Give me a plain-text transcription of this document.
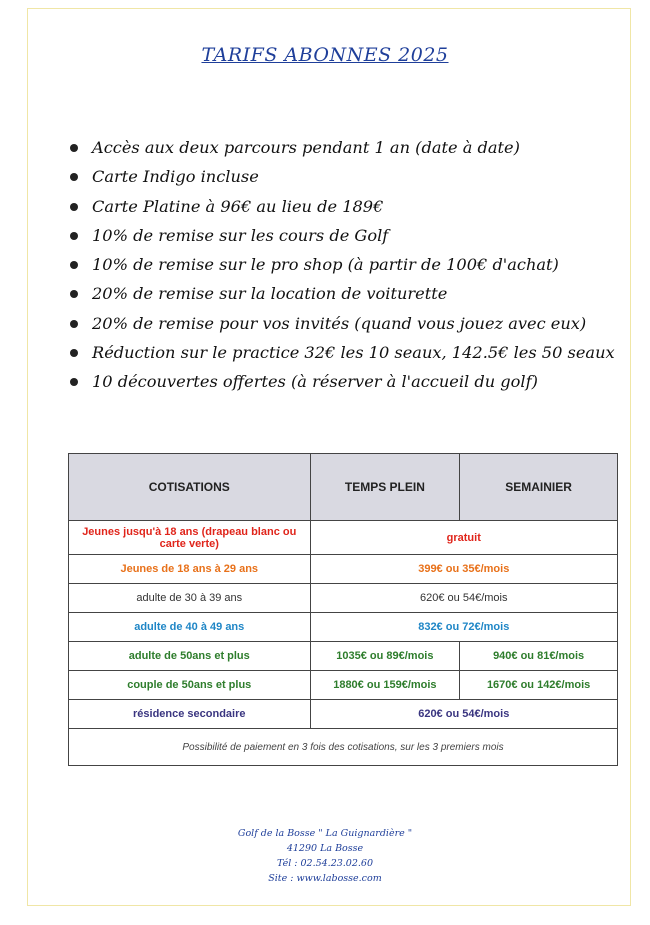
TARIFS ABONNES 2025
Accès aux deux parcours pendant 1 an (date à date)
Carte Indigo incluse
Carte Platine à 96€ au lieu de 189€
10% de remise sur les cours de Golf
10% de remise sur le pro shop (à partir de 100€ d'achat)
20% de remise sur la location de voiturette
20% de remise pour vos invités (quand vous jouez avec eux)
Réduction sur le practice 32€ les 10 seaux, 142.5€ les 50 seaux
10 découvertes offertes (à réserver à l'accueil du golf)
COTISATIONS	TEMPS PLEIN	SEMAINIER
Jeunes jusqu'à 18 ans (drapeau blanc ou carte verte)	gratuit	
Jeunes de 18 ans à 29 ans	399€ ou 35€/mois	
adulte de 30 à 39 ans	620€ ou 54€/mois	
adulte de 40 à 49 ans	832€ ou 72€/mois	
adulte de 50ans et plus	1035€ ou 89€/mois	940€ ou 81€/mois
couple de 50ans et plus	1880€ ou 159€/mois	1670€ ou 142€/mois
résidence secondaire	620€ ou 54€/mois	
Possibilité de paiement en 3 fois des cotisations, sur les 3 premiers mois		
Golf de la Bosse " La Guignardière "
41290 La Bosse
Tél : 02.54.23.02.60
Site : www.labosse.com
